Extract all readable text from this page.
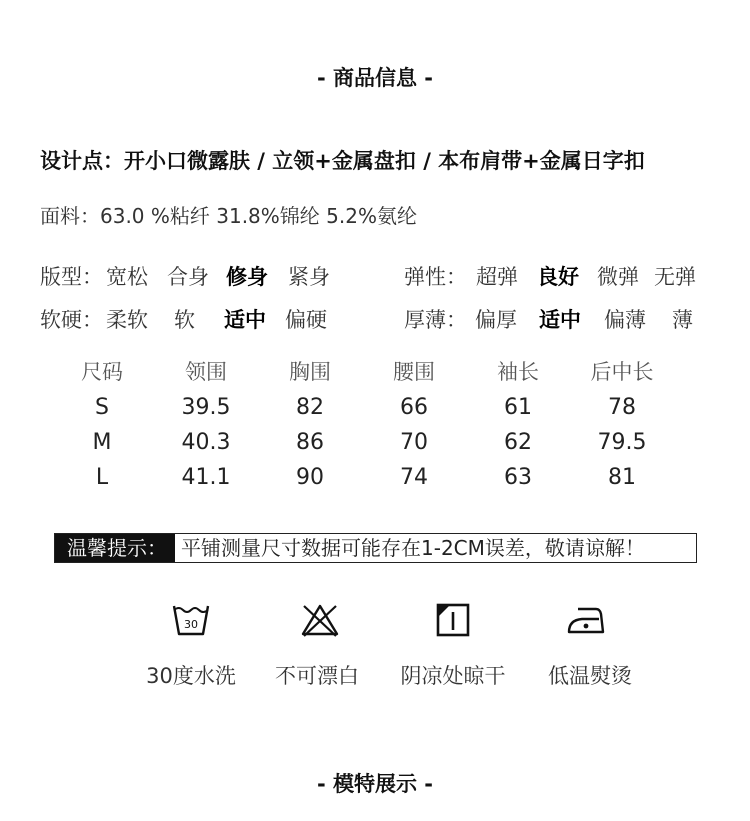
- 商品信息 -
设计点：开小口微露肤 / 立领+金属盘扣 / 本布肩带+金属日字扣
面料：63.0 %粘纤 31.8%锦纶 5.2%氨纶
版型： 宽松 合身 修身 紧身	弹性： 超弹 良好 微弹 无弹
软硬： 柔软 软 适中 偏硬	厚薄： 偏厚 适中 偏薄 薄
尺码	领围	胸围	腰围	袖长	后中长
S	39.5	82	66	61	78
M	40.3	86	70	62	79.5
L	41.1	90	74	63	81
温馨提示： 平铺测量尺寸数据可能存在1-2CM误差，敬请谅解！
30
30度水洗	不可漂白	阴凉处晾干	低温熨烫
- 模特展示 -
